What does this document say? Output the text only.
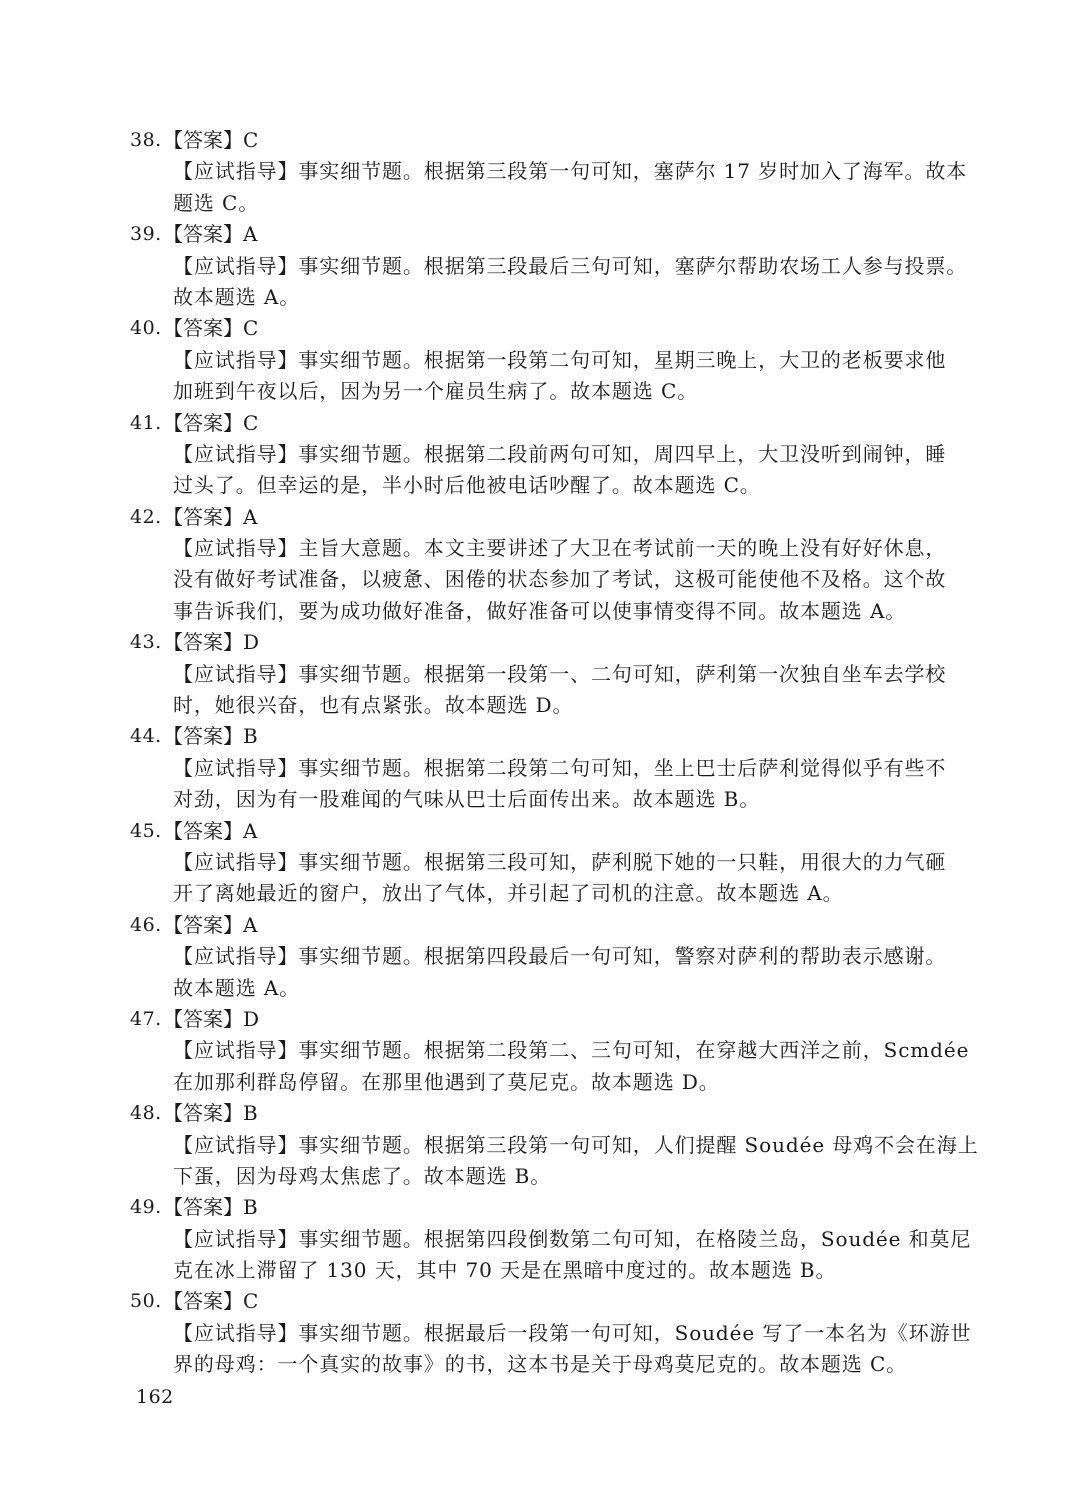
38. 【答案】C
【应试指导】事实细节题。根据第三段第一句可知，塞萨尔 17 岁时加入了海军。故本
题选 C。
39. 【答案】A
【应试指导】事实细节题。根据第三段最后三句可知，塞萨尔帮助农场工人参与投票。
故本题选 A。
40. 【答案】C
【应试指导】事实细节题。根据第一段第二句可知，星期三晚上，大卫的老板要求他
加班到午夜以后，因为另一个雇员生病了。故本题选 C。
41. 【答案】C
【应试指导】事实细节题。根据第二段前两句可知，周四早上，大卫没听到闹钟，睡
过头了。但幸运的是，半小时后他被电话吵醒了。故本题选 C。
42. 【答案】A
【应试指导】主旨大意题。本文主要讲述了大卫在考试前一天的晚上没有好好休息，
没有做好考试准备，以疲惫、困倦的状态参加了考试，这极可能使他不及格。这个故
事告诉我们，要为成功做好准备，做好准备可以使事情变得不同。故本题选 A。
43. 【答案】D
【应试指导】事实细节题。根据第一段第一、二句可知，萨利第一次独自坐车去学校
时，她很兴奋，也有点紧张。故本题选 D。
44. 【答案】B
【应试指导】事实细节题。根据第二段第二句可知，坐上巴士后萨利觉得似乎有些不
对劲，因为有一股难闻的气味从巴士后面传出来。故本题选 B。
45. 【答案】A
【应试指导】事实细节题。根据第三段可知，萨利脱下她的一只鞋，用很大的力气砸
开了离她最近的窗户，放出了气体，并引起了司机的注意。故本题选 A。
46. 【答案】A
【应试指导】事实细节题。根据第四段最后一句可知，警察对萨利的帮助表示感谢。
故本题选 A。
47. 【答案】D
【应试指导】事实细节题。根据第二段第二、三句可知，在穿越大西洋之前，Scmdée
在加那利群岛停留。在那里他遇到了莫尼克。故本题选 D。
48. 【答案】B
【应试指导】事实细节题。根据第三段第一句可知，人们提醒 Soudée 母鸡不会在海上
下蛋，因为母鸡太焦虑了。故本题选 B。
49. 【答案】B
【应试指导】事实细节题。根据第四段倒数第二句可知，在格陵兰岛，Soudée 和莫尼
克在冰上滞留了 130 天，其中 70 天是在黑暗中度过的。故本题选 B。
50. 【答案】C
【应试指导】事实细节题。根据最后一段第一句可知，Soudée 写了一本名为《环游世
界的母鸡：一个真实的故事》的书，这本书是关于母鸡莫尼克的。故本题选 C。
162
